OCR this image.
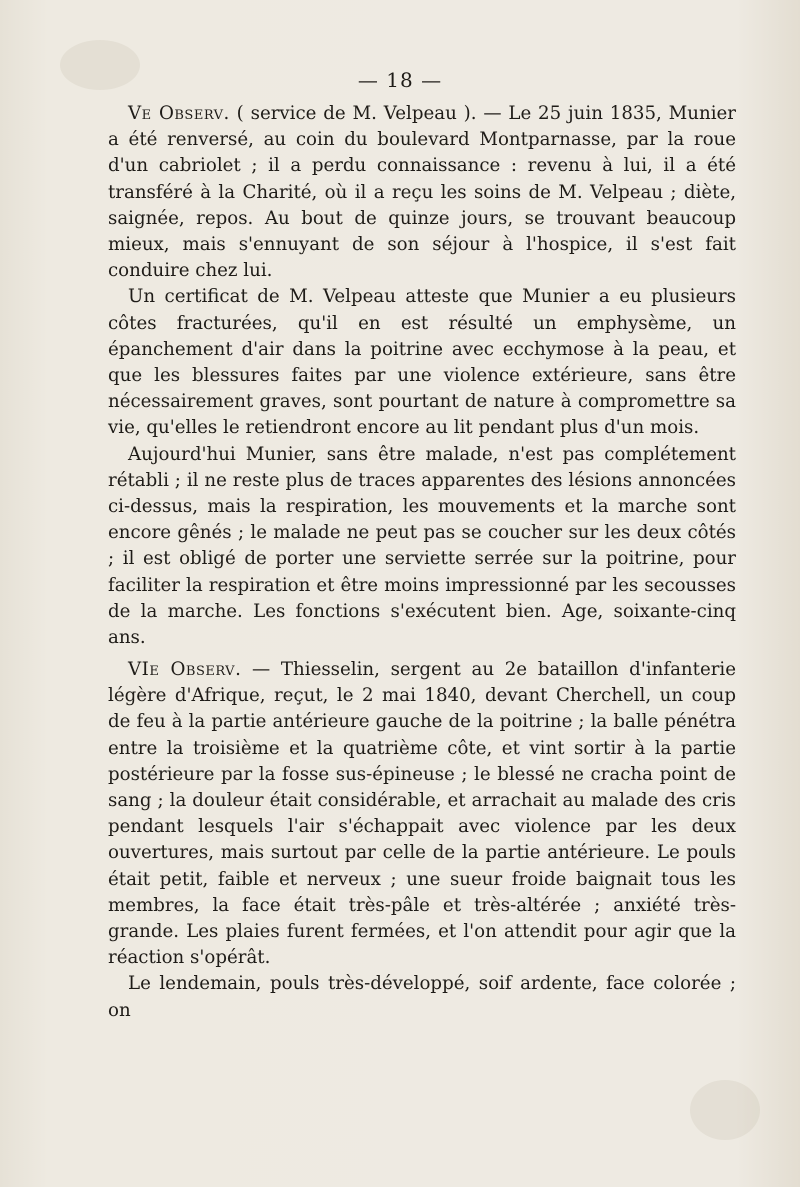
— 18 —

Ve Observ. ( service de M. Velpeau ). — Le 25 juin 1835, Munier a été renversé, au coin du boulevard Montparnasse, par la roue d'un cabriolet ; il a perdu connaissance : revenu à lui, il a été transféré à la Charité, où il a reçu les soins de M. Velpeau ; diète, saignée, repos. Au bout de quinze jours, se trouvant beaucoup mieux, mais s'ennuyant de son séjour à l'hospice, il s'est fait conduire chez lui.

Un certificat de M. Velpeau atteste que Munier a eu plusieurs côtes fracturées, qu'il en est résulté un emphysème, un épanchement d'air dans la poitrine avec ecchymose à la peau, et que les blessures faites par une violence extérieure, sans être nécessairement graves, sont pourtant de nature à compromettre sa vie, qu'elles le retiendront encore au lit pendant plus d'un mois.

Aujourd'hui Munier, sans être malade, n'est pas complétement rétabli ; il ne reste plus de traces apparentes des lésions annoncées ci-dessus, mais la respiration, les mouvements et la marche sont encore gênés ; le malade ne peut pas se coucher sur les deux côtés ; il est obligé de porter une serviette serrée sur la poitrine, pour faciliter la respiration et être moins impressionné par les secousses de la marche. Les fonctions s'exécutent bien. Age, soixante-cinq ans.

VIe Observ. — Thiesselin, sergent au 2e bataillon d'infanterie légère d'Afrique, reçut, le 2 mai 1840, devant Cherchell, un coup de feu à la partie antérieure gauche de la poitrine ; la balle pénétra entre la troisième et la quatrième côte, et vint sortir à la partie postérieure par la fosse sus-épineuse ; le blessé ne cracha point de sang ; la douleur était considérable, et arrachait au malade des cris pendant lesquels l'air s'échappait avec violence par les deux ouvertures, mais surtout par celle de la partie antérieure. Le pouls était petit, faible et nerveux ; une sueur froide baignait tous les membres, la face était très-pâle et très-altérée ; anxiété très-grande. Les plaies furent fermées, et l'on attendit pour agir que la réaction s'opérât.

Le lendemain, pouls très-développé, soif ardente, face colorée ; on
